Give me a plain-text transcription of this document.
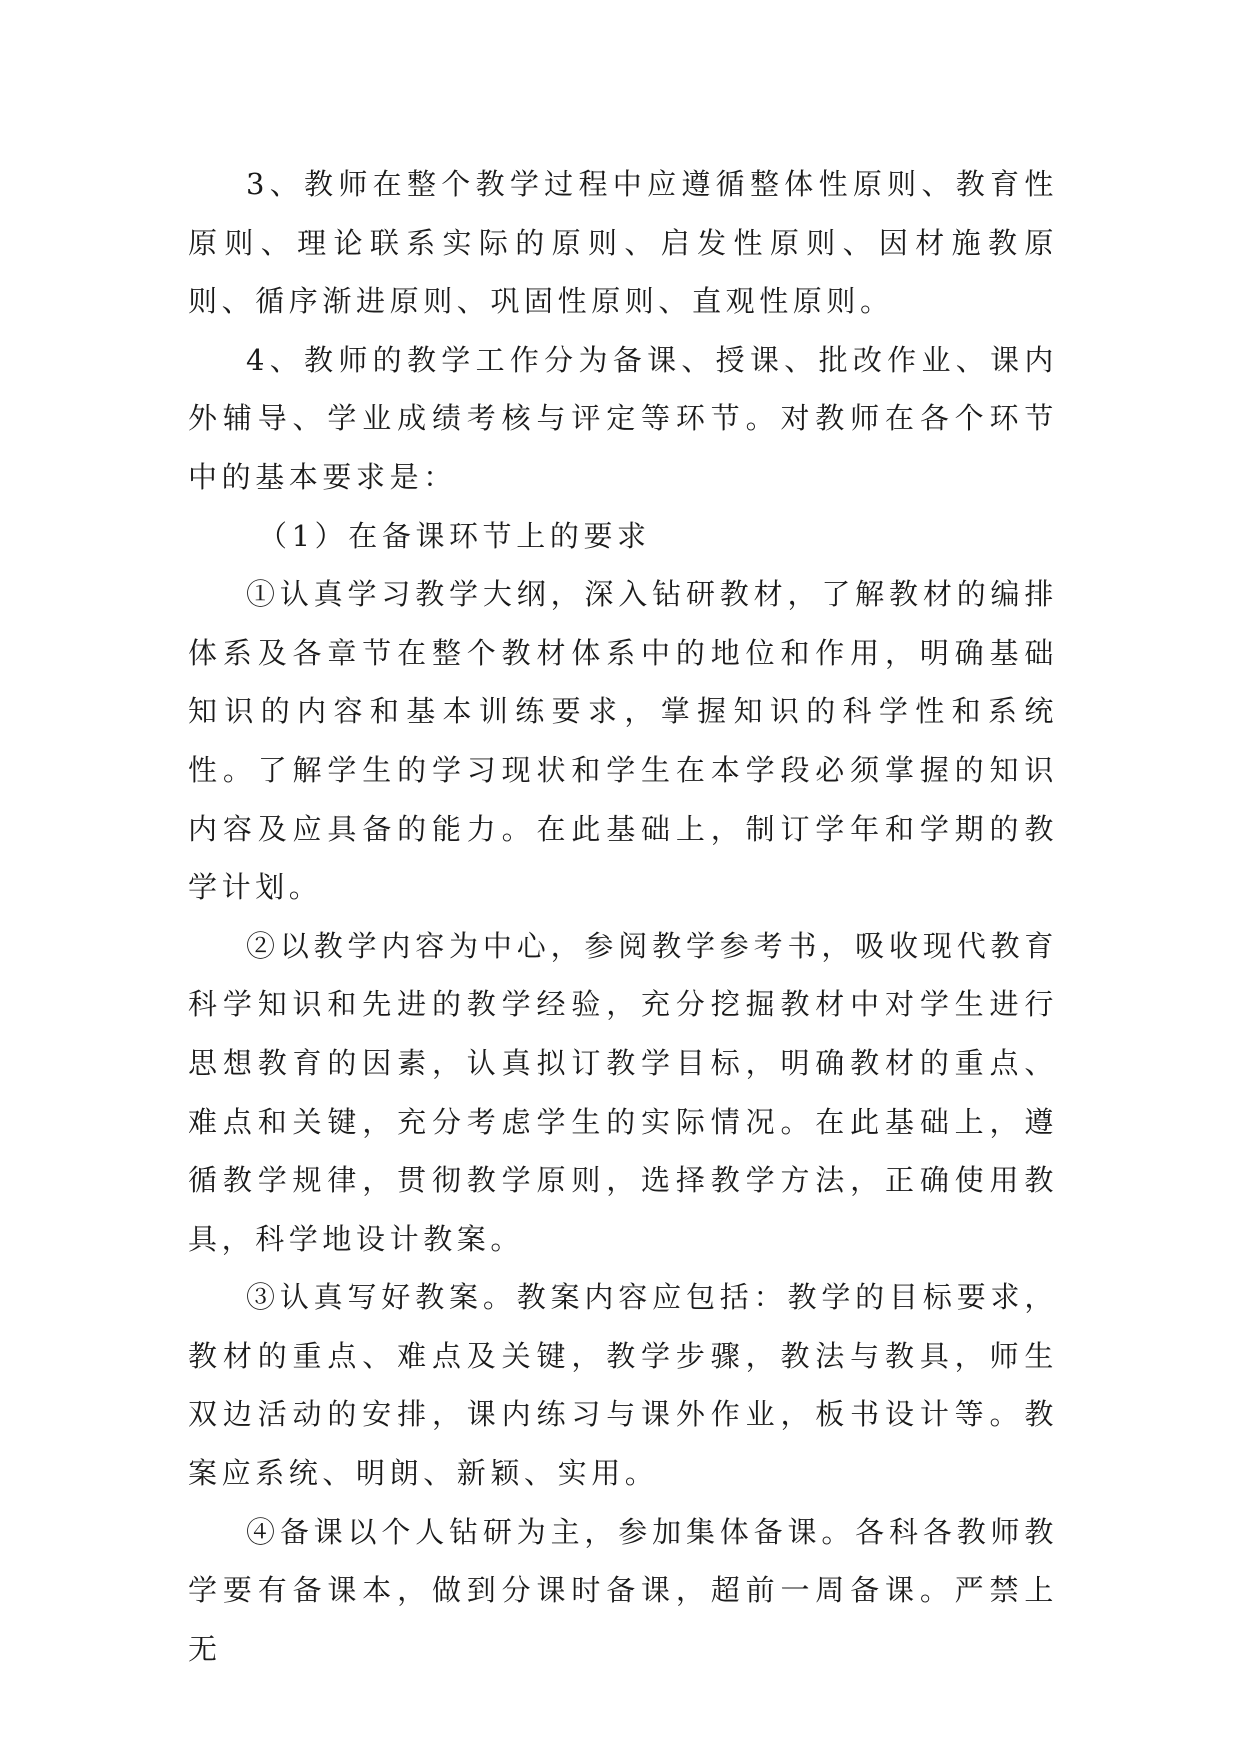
3、教师在整个教学过程中应遵循整体性原则、教育性原则、理论联系实际的原则、启发性原则、因材施教原则、循序渐进原则、巩固性原则、直观性原则。

4、教师的教学工作分为备课、授课、批改作业、课内外辅导、学业成绩考核与评定等环节。对教师在各个环节中的基本要求是：

（1）在备课环节上的要求

①认真学习教学大纲，深入钻研教材，了解教材的编排体系及各章节在整个教材体系中的地位和作用，明确基础知识的内容和基本训练要求，掌握知识的科学性和系统性。了解学生的学习现状和学生在本学段必须掌握的知识内容及应具备的能力。在此基础上，制订学年和学期的教学计划。

②以教学内容为中心，参阅教学参考书，吸收现代教育科学知识和先进的教学经验，充分挖掘教材中对学生进行思想教育的因素，认真拟订教学目标，明确教材的重点、难点和关键，充分考虑学生的实际情况。在此基础上，遵循教学规律，贯彻教学原则，选择教学方法，正确使用教具，科学地设计教案。

③认真写好教案。教案内容应包括：教学的目标要求，教材的重点、难点及关键，教学步骤，教法与教具，师生双边活动的安排，课内练习与课外作业，板书设计等。教案应系统、明朗、新颖、实用。

④备课以个人钻研为主，参加集体备课。各科各教师教学要有备课本，做到分课时备课，超前一周备课。严禁上无
